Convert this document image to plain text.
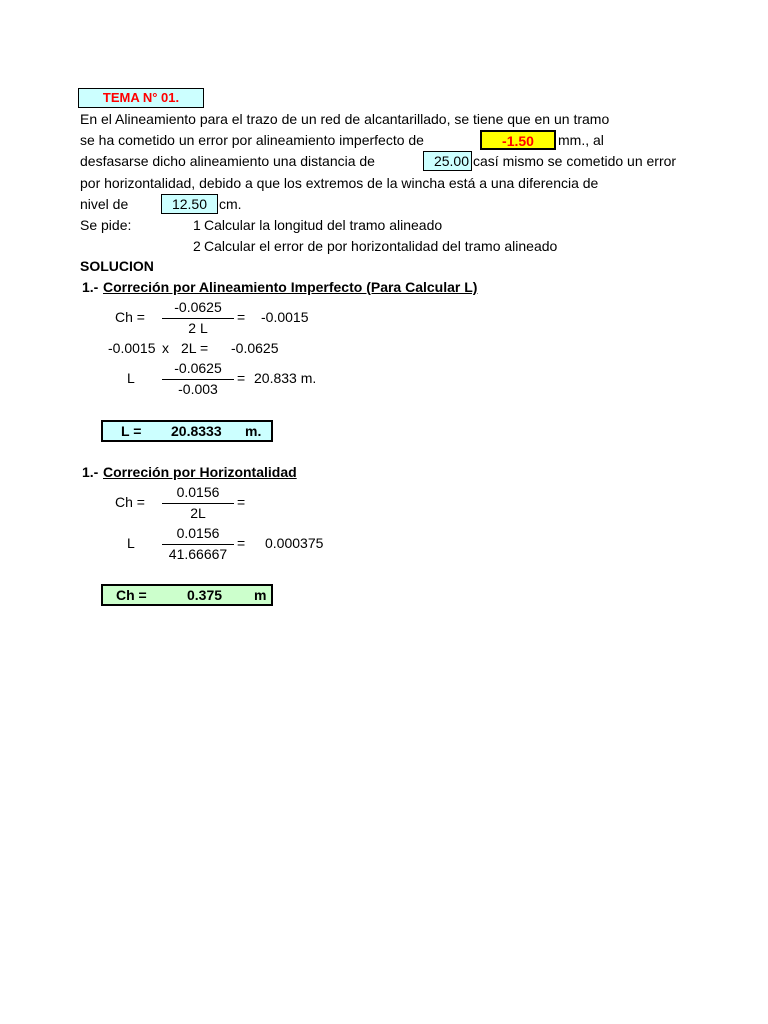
TEMA N° 01.
En el Alineamiento para el trazo de un red de alcantarillado, se tiene que en un tramo
se ha cometido un error por alineamiento imperfecto de	-1.50	mm., al
desfasarse dicho alineamiento una distancia de	25.00 casí mismo se cometido un error
por horizontalidad, debido a que los extremos de la wincha está a una diferencia de
nivel de	12.50 cm.
Se pide:	1 Calcular la longitud del tramo alineado
2 Calcular el error de por horizontalidad del tramo alineado
SOLUCION
1.- Correción por Alineamiento Imperfecto (Para Calcular L)
Ch =
-0.0625
2 L
= -0.0015
-0.0015 x 2L = -0.0625
L
-0.0625
-0.003
= 20.833 m.
L = 20.8333 m.
1.- Correción por Horizontalidad
Ch =
0.0156
2L
=
L
0.0156
41.66667
= 0.000375
Ch =	0.375 m
